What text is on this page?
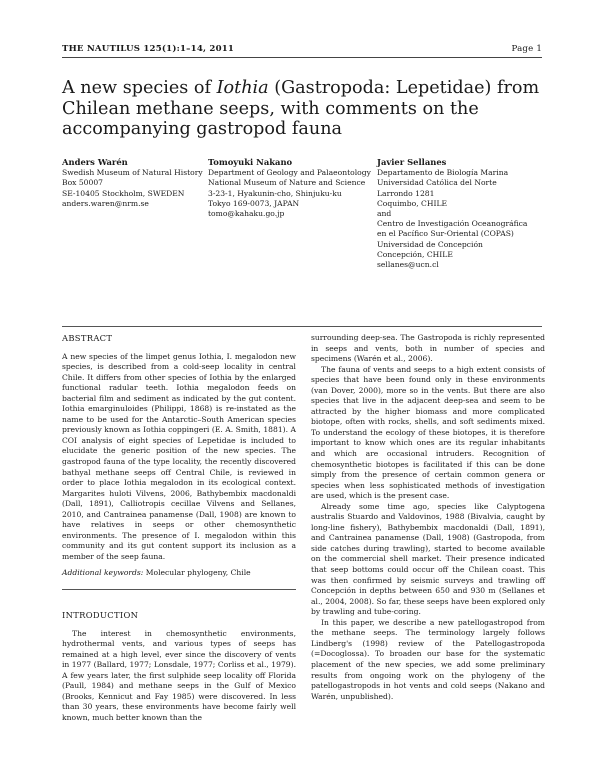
THE NAUTILUS 125(1):1–14, 2011	Page 1
A new species of Iothia (Gastropoda: Lepetidae) from Chilean methane seeps, with comments on the accompanying gastropod fauna
Anders Warén
Swedish Museum of Natural History
Box 50007
SE-10405 Stockholm, SWEDEN
anders.waren@nrm.se
Tomoyuki Nakano
Department of Geology and Palaeontology
National Museum of Nature and Science
3-23-1, Hyakunin-cho, Shinjuku-ku
Tokyo 169-0073, JAPAN
tomo@kahaku.go.jp
Javier Sellanes
Departamento de Biología Marina
Universidad Católica del Norte
Larrondo 1281
Coquimbo, CHILE
and
Centro de Investigación Oceanográfica
en el Pacífico Sur-Oriental (COPAS)
Universidad de Concepción
Concepción, CHILE
sellanes@ucn.cl
ABSTRACT

A new species of the limpet genus Iothia, I. megalodon new species, is described from a cold-seep locality in central Chile. It differs from other species of Iothia by the enlarged functional radular teeth. Iothia megalodon feeds on bacterial film and sediment as indicated by the gut content. Iothia emarginuloides (Philippi, 1868) is re-instated as the name to be used for the Antarctic–South American species previously known as Iothia coppingeri (E. A. Smith, 1881). A COI analysis of eight species of Lepetidae is included to elucidate the generic position of the new species. The gastropod fauna of the type locality, the recently discovered bathyal methane seeps off Central Chile, is reviewed in order to place Iothia megalodon in its ecological context. Margarites huloti Vilvens, 2006, Bathybembix macdonaldi (Dall, 1891), Calliotropis cecillae Vilvens and Sellanes, 2010, and Cantrainea panamense (Dall, 1908) are known to have relatives in seeps or other chemosynthetic environments. The presence of I. megalodon within this community and its gut content support its inclusion as a member of the seep fauna.

Additional keywords: Molecular phylogeny, Chile

INTRODUCTION

The interest in chemosynthetic environments, hydrothermal vents, and various types of seeps has remained at a high level, ever since the discovery of vents in 1977 (Ballard, 1977; Lonsdale, 1977; Corliss et al., 1979). A few years later, the first sulphide seep locality off Florida (Paull, 1984) and methane seeps in the Gulf of Mexico (Brooks, Kennicut and Fay 1985) were discovered. In less than 30 years, these environments have become fairly well known, much better known than the

surrounding deep-sea. The Gastropoda is richly represented in seeps and vents, both in number of species and specimens (Warén et al., 2006).

The fauna of vents and seeps to a high extent consists of species that have been found only in these environments (van Dover, 2000), more so in the vents. But there are also species that live in the adjacent deep-sea and seem to be attracted by the higher biomass and more complicated biotope, often with rocks, shells, and soft sediments mixed. To understand the ecology of these biotopes, it is therefore important to know which ones are its regular inhabitants and which are occasional intruders. Recognition of chemosynthetic biotopes is facilitated if this can be done simply from the presence of certain common genera or species when less sophisticated methods of investigation are used, which is the present case.

Already some time ago, species like Calyptogena australis Stuardo and Valdovinos, 1988 (Bivalvia, caught by long-line fishery), Bathybembix macdonaldi (Dall, 1891), and Cantrainea panamense (Dall, 1908) (Gastropoda, from side catches during trawling), started to become available on the commercial shell market. Their presence indicated that seep bottoms could occur off the Chilean coast. This was then confirmed by seismic surveys and trawling off Concepción in depths between 650 and 930 m (Sellanes et al., 2004, 2008). So far, these seeps have been explored only by trawling and tube-coring.

In this paper, we describe a new patellogastropod from the methane seeps. The terminology largely follows Lindberg's (1998) review of the Patellogastropoda (=Docoglossa). To broaden our base for the systematic placement of the new species, we add some preliminary results from ongoing work on the phylogeny of the patellogastropods in hot vents and cold seeps (Nakano and Warén, unpublished).
